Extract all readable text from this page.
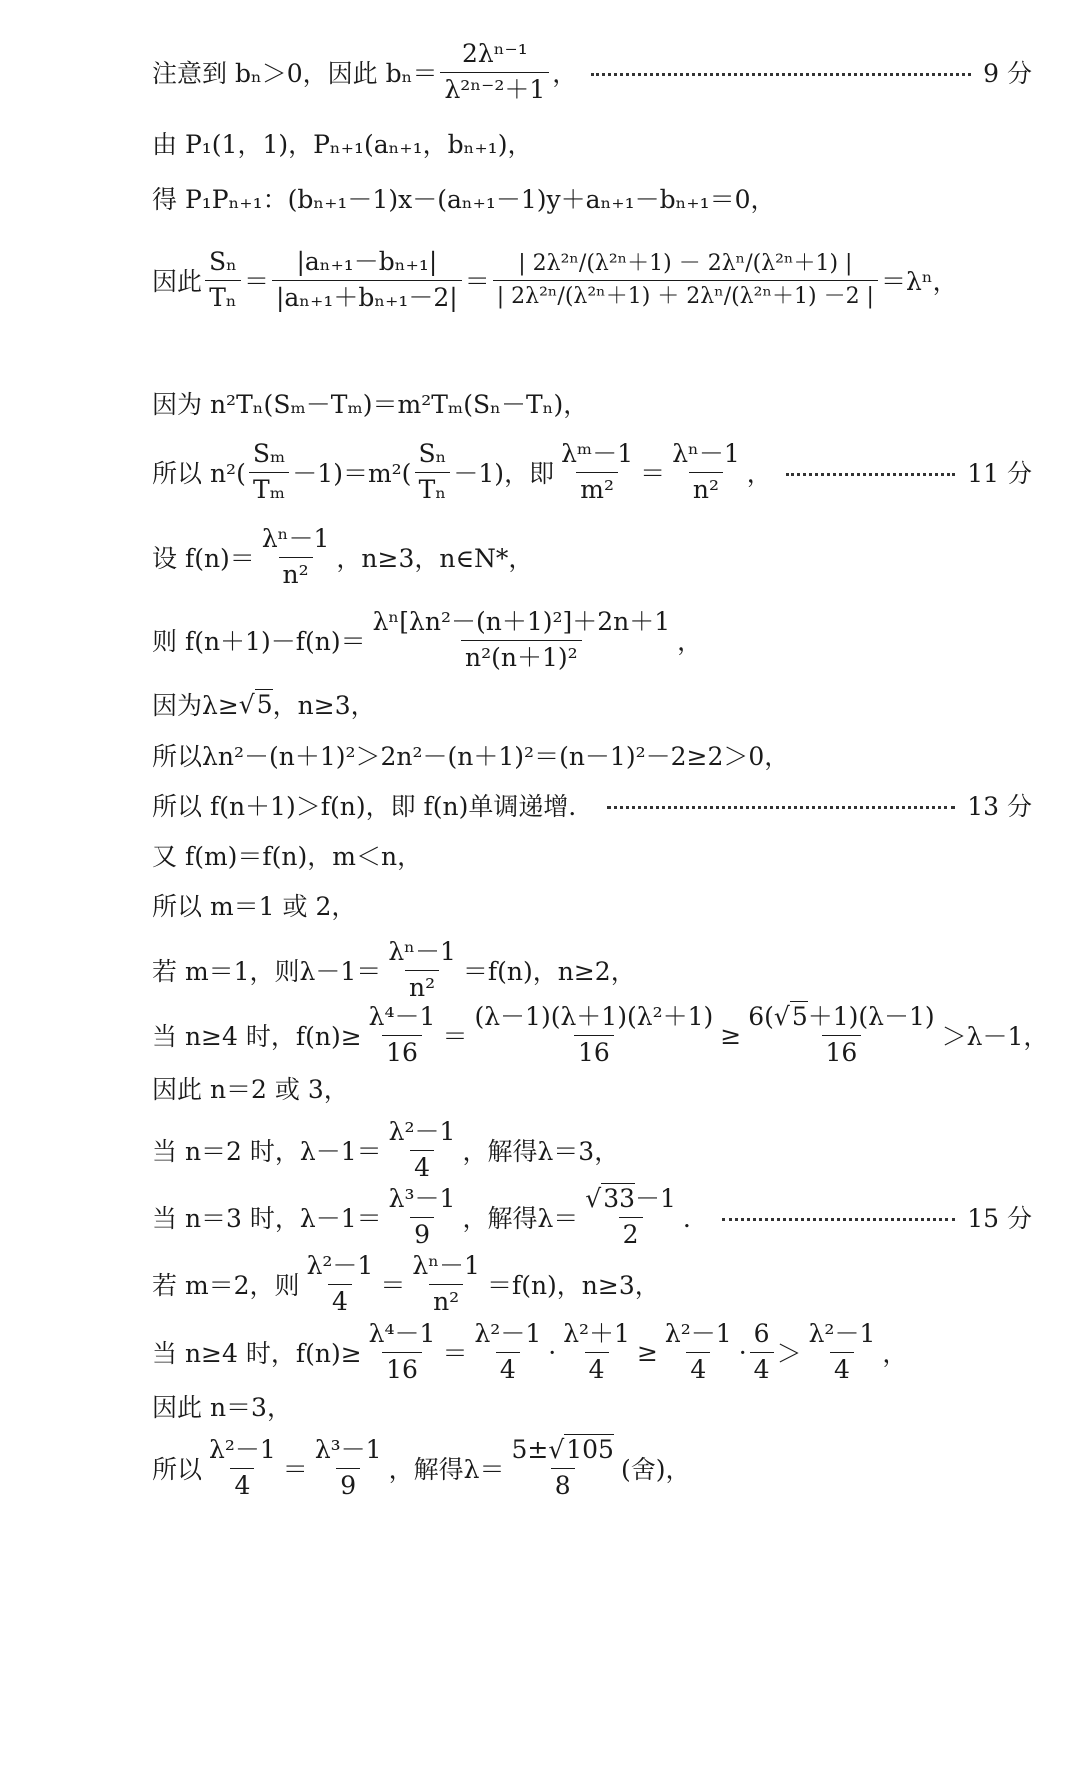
注意到 bₙ＞0，因此 $b_n= \frac{\text{2λⁿ⁻¹}}{\text{λ²ⁿ⁻²＋1}}$ ，	9 分
由 P₁(1，1)，Pₙ₊₁(aₙ₊₁，bₙ₊₁)，
得 P₁Pₙ₊₁：(bₙ₊₁－1)x－(aₙ₊₁－1)y＋aₙ₊₁－bₙ₊₁＝0，
因此 $\frac{\text{Sₙ}}{\text{Tₙ}} = \frac{\text{|aₙ₊₁－bₙ₊₁|}}{\text{|aₙ₊₁＋bₙ₊₁－2|}} = \frac{\text{| 2λ²ⁿ/(λ²ⁿ＋1) － 2λⁿ/(λ²ⁿ＋1) |}}{\text{| 2λ²ⁿ/(λ²ⁿ＋1) ＋ 2λⁿ/(λ²ⁿ＋1) －2 |}} =\lambda^n$，
因为 n²Tₙ(Sₘ－Tₘ)＝m²Tₘ(Sₙ－Tₙ)，
所以 $n^2( \frac{\text{Sₘ}}{\text{Tₘ}} -1)=m^2( \frac{\text{Sₙ}}{\text{Tₙ}} -1)$，即 $\frac{\text{λᵐ－1}}{\text{m²}} = \frac{\text{λⁿ－1}}{\text{n²}}$ ，	11 分
设 $f(n)= \frac{\text{λⁿ－1}}{\text{n²}}$ ，n≥3，n∈N*，
则 $f(n+1)-f(n)= \frac{\text{λⁿ[λn²－(n＋1)²]＋2n＋1}}{\text{n²(n＋1)²}}$ ，
因为λ≥ √ 5 ，n≥3，
所以λn²－(n＋1)²＞2n²－(n＋1)²＝(n－1)²－2≥2＞0，
所以 f(n＋1)＞f(n)，即 f(n)单调递增．	13 分
又 f(m)＝f(n)，m＜n，
所以 m＝1 或 2，
若 m＝1，则$\lambda-1= \frac{\text{λⁿ－1}}{\text{n²}} =f(n)$，n≥2，
当 n≥4 时，$f(n)\ge \frac{\text{λ⁴－1}}{16} = \frac{\text{(λ－1)(λ＋1)(λ²＋1)}}{16} \ge \frac{6(√5+1)(\lambda-1)}{16} >\lambda-1$，
因此 n＝2 或 3，
当 n＝2 时，$\lambda-1= \frac{\text{λ²－1}}{4}$ ，解得λ＝3，
当 n＝3 时，$\lambda-1= \frac{\text{λ³－1}}{9}$ ，解得$\lambda= \frac{√33-1}{2}$ ．	15 分
若 m＝2，则 $\frac{\text{λ²－1}}{4} = \frac{\text{λⁿ－1}}{\text{n²}} =f(n)$，n≥3，
当 n≥4 时，$f(n)\ge \frac{\text{λ⁴－1}}{16} = \frac{\text{λ²－1}}{4} \cdot \frac{\text{λ²＋1}}{4} \ge \frac{\text{λ²－1}}{4} \cdot \frac{6}{4} > \frac{\text{λ²－1}}{4}$ ，
因此 n＝3，
所以 $\frac{\text{λ²－1}}{4} = \frac{\text{λ³－1}}{9}$ ，解得$\lambda= \frac{5\pm√105}{8}$ (舍)，
